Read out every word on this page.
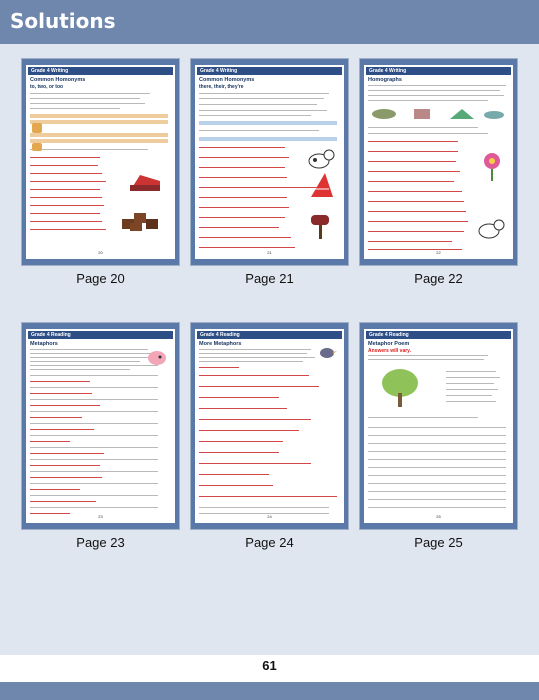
Solutions
Grade 4 Writing
Common Homonyms
to, two, or too
20
Page 20
Grade 4 Writing
Common Homonyms
there, their, they're
21
Page 21
Grade 4 Writing
Homographs
22
Page 22
Grade 4 Reading
Metaphors
23
Page 23
Grade 4 Reading
More Metaphors
24
Page 24
Grade 4 Reading
Metaphor Poem
Answers will vary.
25
Page 25
61
